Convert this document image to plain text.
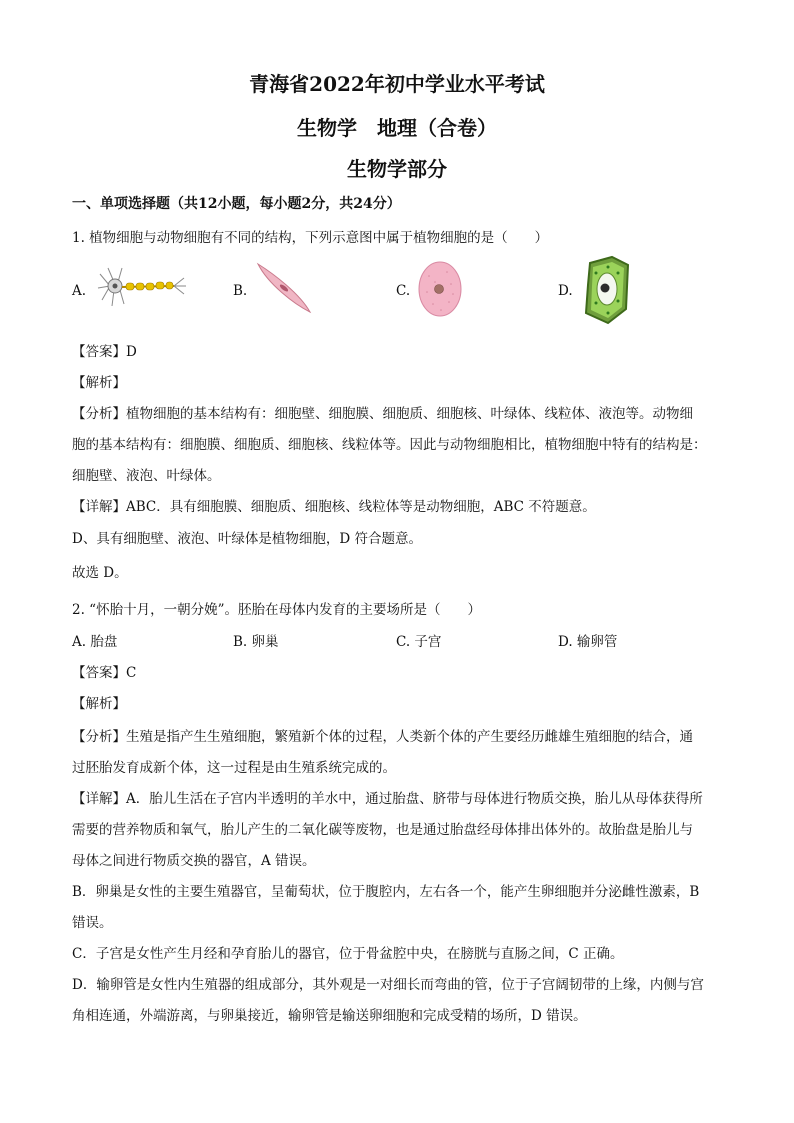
青海省2022年初中学业水平考试
生物学　地理（合卷）
生物学部分
一、单项选择题（共12小题，每小题2分，共24分）
1. 植物细胞与动物细胞有不同的结构，下列示意图中属于植物细胞的是（　　）
A.	B.	C.	D.
【答案】D
【解析】
【分析】植物细胞的基本结构有：细胞壁、细胞膜、细胞质、细胞核、叶绿体、线粒体、液泡等。动物细
胞的基本结构有：细胞膜、细胞质、细胞核、线粒体等。因此与动物细胞相比，植物细胞中特有的结构是：
细胞壁、液泡、叶绿体。
【详解】ABC．具有细胞膜、细胞质、细胞核、线粒体等是动物细胞，ABC 不符题意。
D、具有细胞壁、液泡、叶绿体是植物细胞，D 符合题意。
故选 D。
2. “怀胎十月，一朝分娩”。胚胎在母体内发育的主要场所是（　　）
A. 胎盘	B. 卵巢	C. 子宫	D. 输卵管
【答案】C
【解析】
【分析】生殖是指产生生殖细胞，繁殖新个体的过程，人类新个体的产生要经历雌雄生殖细胞的结合，通
过胚胎发育成新个体，这一过程是由生殖系统完成的。
【详解】A．胎儿生活在子宫内半透明的羊水中，通过胎盘、脐带与母体进行物质交换，胎儿从母体获得所
需要的营养物质和氧气，胎儿产生的二氧化碳等废物，也是通过胎盘经母体排出体外的。故胎盘是胎儿与
母体之间进行物质交换的器官，A 错误。
B．卵巢是女性的主要生殖器官，呈葡萄状，位于腹腔内，左右各一个，能产生卵细胞并分泌雌性激素，B
错误。
C．子宫是女性产生月经和孕育胎儿的器官，位于骨盆腔中央，在膀胱与直肠之间，C 正确。
D．输卵管是女性内生殖器的组成部分，其外观是一对细长而弯曲的管，位于子宫阔韧带的上缘，内侧与宫
角相连通，外端游离，与卵巢接近，输卵管是输送卵细胞和完成受精的场所，D 错误。
